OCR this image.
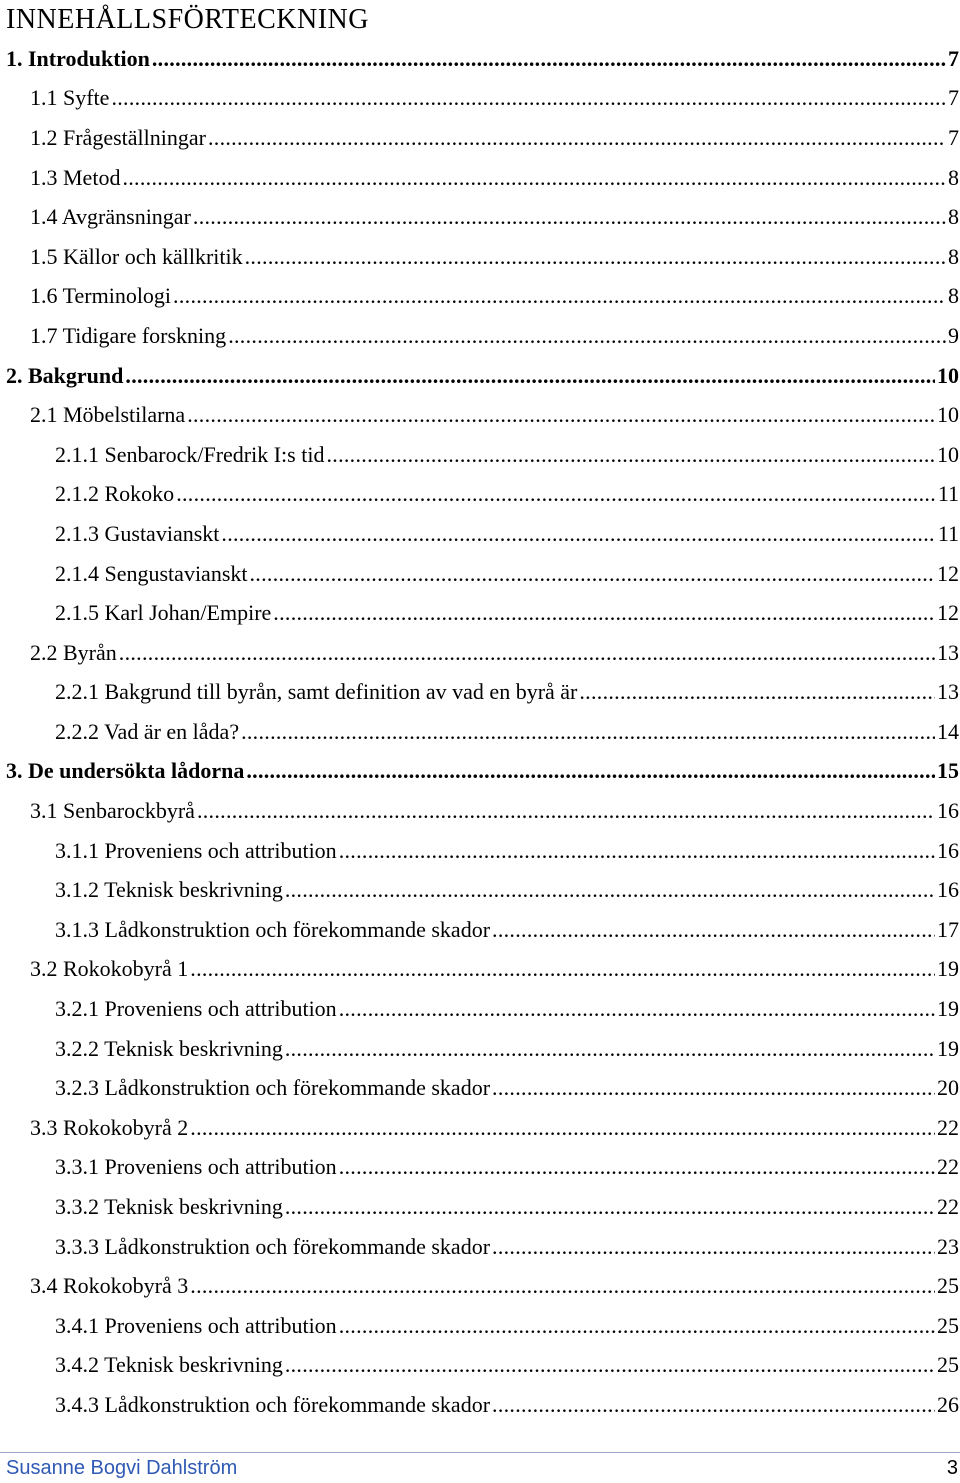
INNEHÅLLSFÖRTECKNING
1. Introduktion . . .	7
1.1 Syfte . . .	7
1.2 Frågeställningar . . .	7
1.3 Metod . . .	8
1.4 Avgränsningar . . .	8
1.5 Källor och källkritik . . .	8
1.6 Terminologi . . .	8
1.7 Tidigare forskning . . .	9
2. Bakgrund . . .	10
2.1 Möbelstilarna . . .	10
2.1.1 Senbarock/Fredrik I:s tid . . .	10
2.1.2 Rokoko . . .	11
2.1.3 Gustavianskt . . .	11
2.1.4 Sengustavianskt . . .	12
2.1.5 Karl Johan/Empire . . .	12
2.2 Byrån . . .	13
2.2.1 Bakgrund till byrån, samt definition av vad en byrå är . . .	13
2.2.2 Vad är en låda? . . .	14
3. De undersökta lådorna . . .	15
3.1 Senbarockbyrå . . .	16
3.1.1 Proveniens och attribution . . .	16
3.1.2 Teknisk beskrivning . . .	16
3.1.3 Lådkonstruktion och förekommande skador . . .	17
3.2 Rokokobyrå 1 . . .	19
3.2.1 Proveniens och attribution . . .	19
3.2.2 Teknisk beskrivning . . .	19
3.2.3 Lådkonstruktion och förekommande skador . . .	20
3.3 Rokokobyrå 2 . . .	22
3.3.1 Proveniens och attribution . . .	22
3.3.2 Teknisk beskrivning . . .	22
3.3.3 Lådkonstruktion och förekommande skador . . .	23
3.4 Rokokobyrå 3 . . .	25
3.4.1 Proveniens och attribution . . .	25
3.4.2 Teknisk beskrivning . . .	25
3.4.3 Lådkonstruktion och förekommande skador . . .	26
Susanne Bogvi Dahlström	3
